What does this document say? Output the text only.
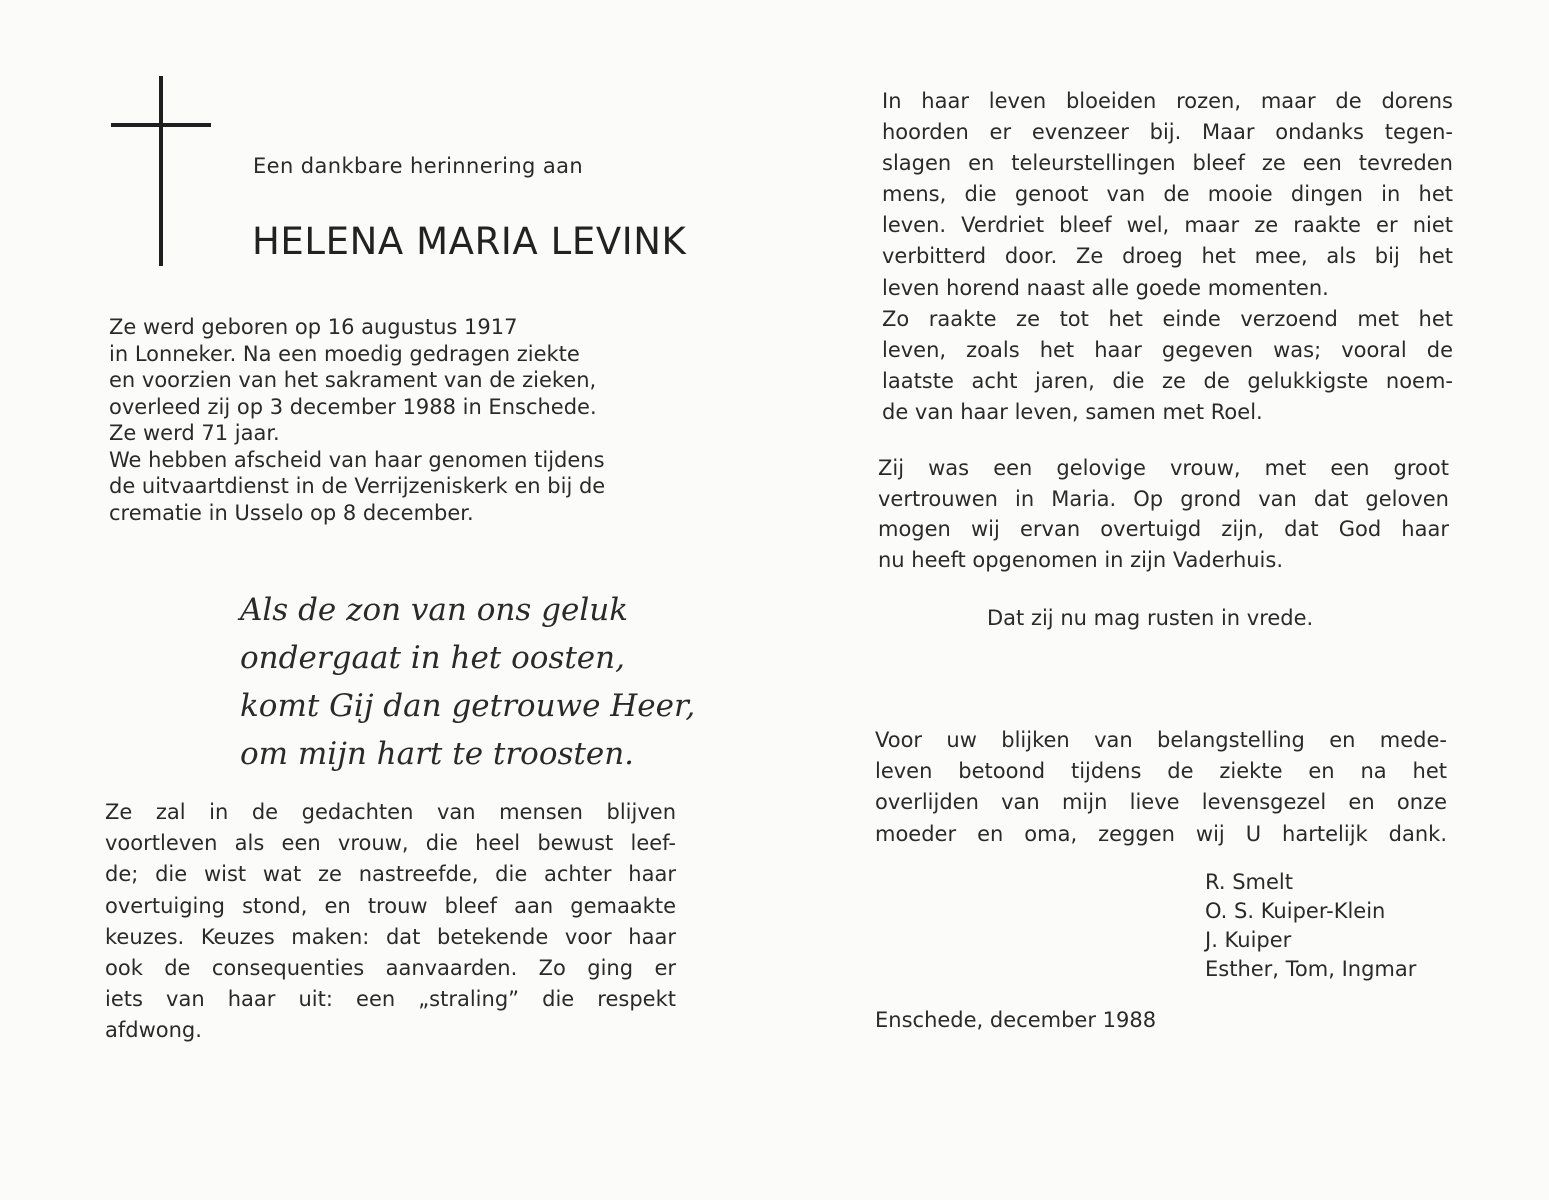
Een dankbare herinnering aan
HELENA MARIA LEVINK
Ze werd geboren op 16 augustus 1917
in Lonneker. Na een moedig gedragen ziekte
en voorzien van het sakrament van de zieken,
overleed zij op 3 december 1988 in Enschede.
Ze werd 71 jaar.
We hebben afscheid van haar genomen tijdens
de uitvaartdienst in de Verrijzeniskerk en bij de
crematie in Usselo op 8 december.
Als de zon van ons geluk
ondergaat in het oosten,
komt Gij dan getrouwe Heer,
om mijn hart te troosten.
Ze zal in de gedachten van mensen blijven
voortleven als een vrouw, die heel bewust leef-
de; die wist wat ze nastreefde, die achter haar
overtuiging stond, en trouw bleef aan gemaakte
keuzes. Keuzes maken: dat betekende voor haar
ook de consequenties aanvaarden. Zo ging er
iets van haar uit: een „straling” die respekt
afdwong.
In haar leven bloeiden rozen, maar de dorens
hoorden er evenzeer bij. Maar ondanks tegen-
slagen en teleurstellingen bleef ze een tevreden
mens, die genoot van de mooie dingen in het
leven. Verdriet bleef wel, maar ze raakte er niet
verbitterd door. Ze droeg het mee, als bij het
leven horend naast alle goede momenten.
Zo raakte ze tot het einde verzoend met het
leven, zoals het haar gegeven was; vooral de
laatste acht jaren, die ze de gelukkigste noem-
de van haar leven, samen met Roel.
Zij was een gelovige vrouw, met een groot
vertrouwen in Maria. Op grond van dat geloven
mogen wij ervan overtuigd zijn, dat God haar
nu heeft opgenomen in zijn Vaderhuis.
Dat zij nu mag rusten in vrede.
Voor uw blijken van belangstelling en mede-
leven betoond tijdens de ziekte en na het
overlijden van mijn lieve levensgezel en onze
moeder en oma, zeggen wij U hartelijk dank.
R. Smelt
O. S. Kuiper-Klein
J. Kuiper
Esther, Tom, Ingmar
Enschede, december 1988
